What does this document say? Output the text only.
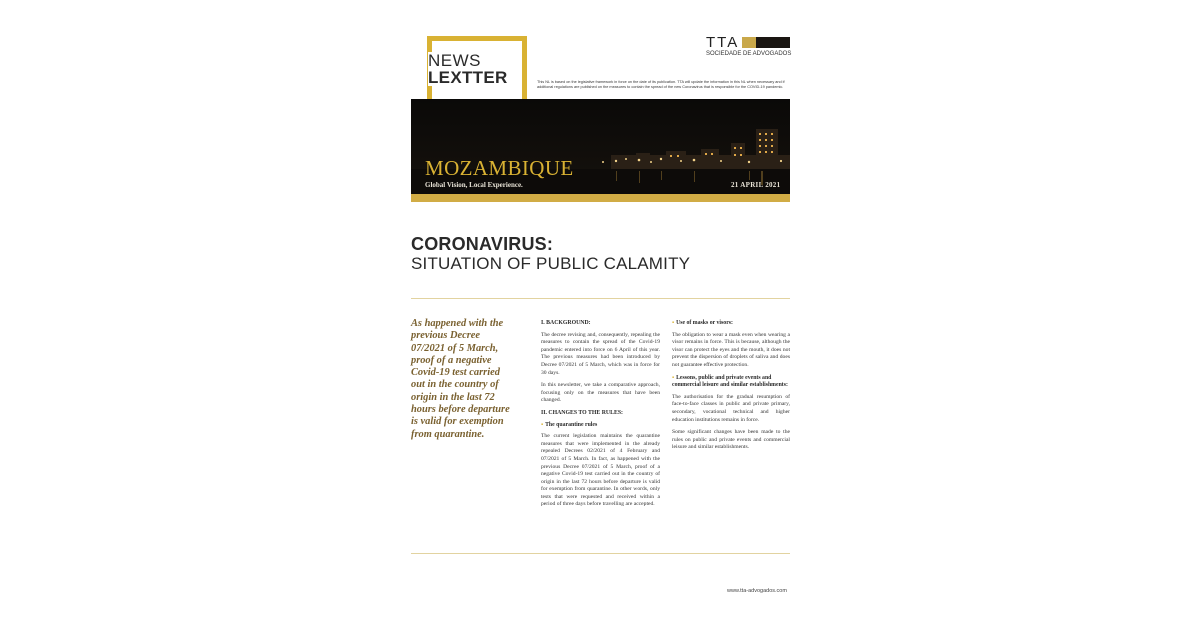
NEWS
LEXTTER
TTA
SOCIEDADE DE ADVOGADOS
This NL is based on the legislative framework in force on the date of its publication. TTA will update the information in this NL when necessary and if additional regulations are published on the measures to contain the spread of the new Coronavirus that is responsible for the COVID-19 pandemic.
MOZAMBIQUE
Global Vision, Local Experience.	21 APRIL 2021
CORONAVIRUS:
SITUATION OF PUBLIC CALAMITY
As happened with the previous Decree 07/2021 of 5 March, proof of a negative Covid-19 test carried out in the country of origin in the last 72 hours before departure is valid for exemption from quarantine.
I. BACKGROUND:

The decree revising and, consequently, repealing the measures to contain the spread of the Covid-19 pandemic entered into force on 6 April of this year. The previous measures had been introduced by Decree 07/2021 of 5 March, which was in force for 30 days.

In this newsletter, we take a comparative approach, focusing only on the measures that have been changed.

II. CHANGES TO THE RULES:
▪ The quarantine rules

The current legislation maintains the quarantine measures that were implemented in the already repealed Decrees 02/2021 of 4 February and 07/2021 of 5 March. In fact, as happened with the previous Decree 07/2021 of 5 March, proof of a negative Covid-19 test carried out in the country of origin in the last 72 hours before departure is valid for exemption from quarantine. In other words, only tests that were requested and received within a period of three days before travelling are accepted.

▪ Use of masks or visors:

The obligation to wear a mask even when wearing a visor remains in force. This is because, although the visor can protect the eyes and the mouth, it does not prevent the dispersion of droplets of saliva and does not guarantee effective protection.

▪ Lessons, public and private events and commercial leisure and similar establishments:

The authorisation for the gradual resumption of face-to-face classes in public and private primary, secondary, vocational technical and higher education institutions remains in force.

Some significant changes have been made to the rules on public and private events and commercial leisure and similar establishments.

www.tta-advogados.com
